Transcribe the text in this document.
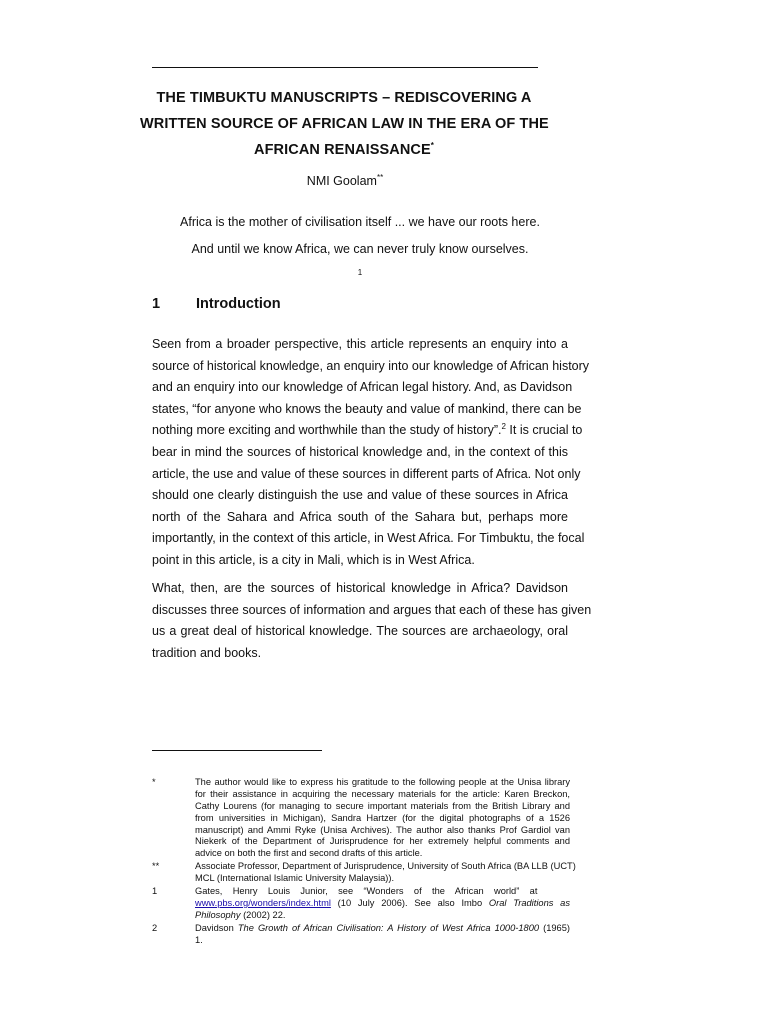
THE TIMBUKTU MANUSCRIPTS – REDISCOVERING A
WRITTEN SOURCE OF AFRICAN LAW IN THE ERA OF THE
AFRICAN RENAISSANCE*
NMI Goolam**
Africa is the mother of civilisation itself ... we have our roots here.
And until we know Africa, we can never truly know ourselves.
$^1$
1 Introduction
Seen from a broader perspective, this article represents an enquiry into a
source of historical knowledge, an enquiry into our knowledge of African history
and an enquiry into our knowledge of African legal history. And, as Davidson
states, “for anyone who knows the beauty and value of mankind, there can be
nothing more exciting and worthwhile than the study of history”.$^2$ It is crucial to
bear in mind the sources of historical knowledge and, in the context of this
article, the use and value of these sources in different parts of Africa. Not only
should one clearly distinguish the use and value of these sources in Africa
north of the Sahara and Africa south of the Sahara but, perhaps more
importantly, in the context of this article, in West Africa. For Timbuktu, the focal
point in this article, is a city in Mali, which is in West Africa.
What, then, are the sources of historical knowledge in Africa? Davidson
discusses three sources of information and argues that each of these has given
us a great deal of historical knowledge. The sources are archaeology, oral
tradition and books.
*	The author would like to express his gratitude to the following people at the Unisa library
for their assistance in acquiring the necessary materials for the article: Karen Breckon,
Cathy Lourens (for managing to secure important materials from the British Library and
from universities in Michigan), Sandra Hartzer (for the digital photographs of a 1526
manuscript) and Ammi Ryke (Unisa Archives). The author also thanks Prof Gardiol van
Niekerk of the Department of Jurisprudence for her extremely helpful comments and
advice on both the first and second drafts of this article.
**	Associate Professor, Department of Jurisprudence, University of South Africa (BA LLB (UCT)
MCL (International Islamic University Malaysia)).
1	Gates,    Henry    Louis    Junior,    see    “Wonders    of    the    African    world”    at
www.pbs.org/wonders/index.html (10 July 2006). See also Imbo Oral Traditions as
Philosophy (2002) 22.
2	Davidson The Growth of African Civilisation: A History of West Africa 1000-1800 (1965)
1.
